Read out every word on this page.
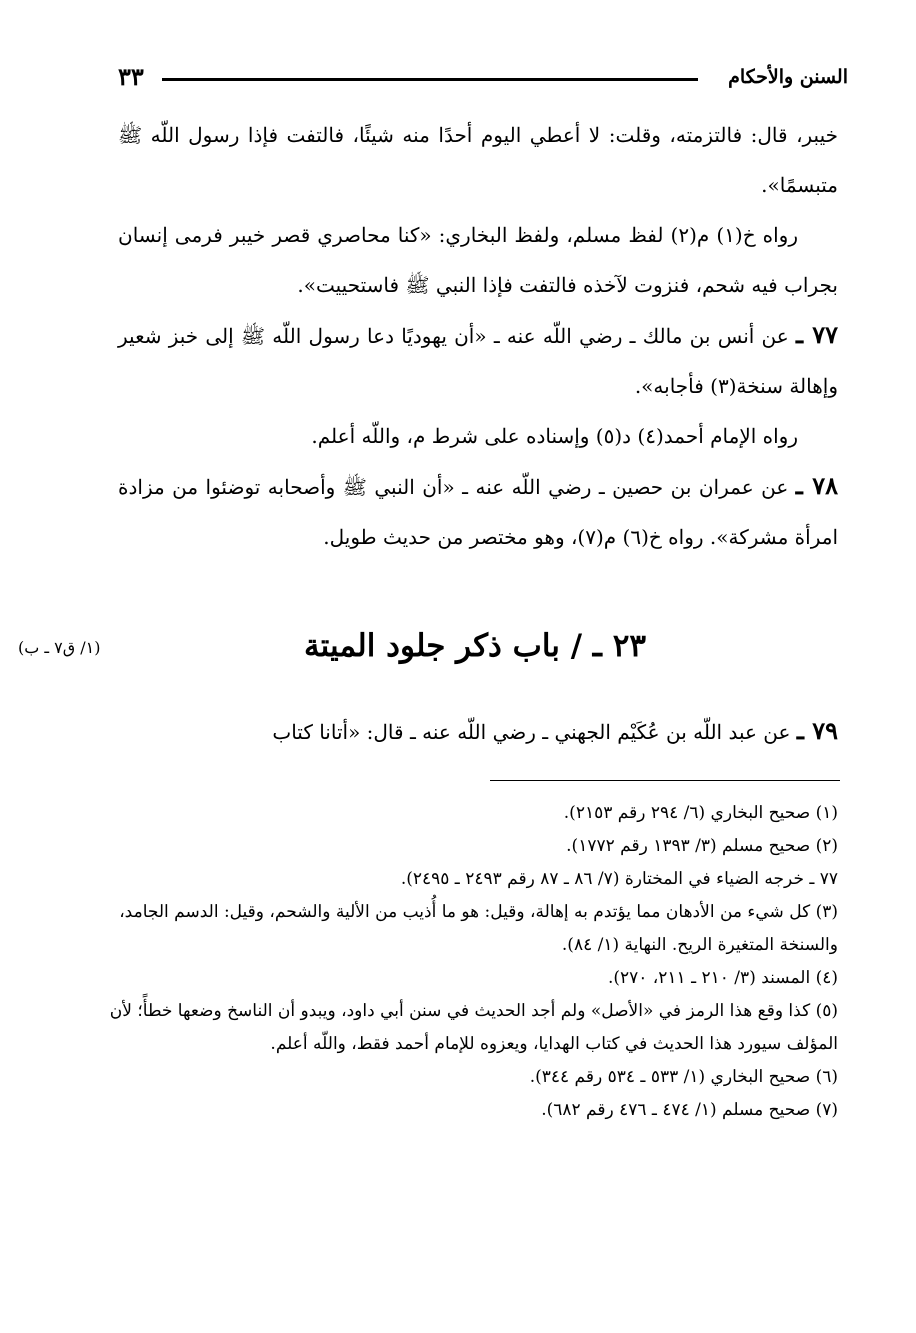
السنن والأحكام
٣٣

خيبر، قال: فالتزمته، وقلت: لا أعطي اليوم أحدًا منه شيئًا، فالتفت فإذا رسول اللّه ﷺ متبسمًا».

رواه خ(١) م(٢) لفظ مسلم، ولفظ البخاري: «كنا محاصري قصر خيبر فرمى إنسان بجراب فيه شحم، فنزوت لآخذه فالتفت فإذا النبي ﷺ فاستحييت».

٧٧ ـ عن أنس بن مالك ـ رضي اللّه عنه ـ «أن يهوديًا دعا رسول اللّه ﷺ إلى خبز شعير وإهالة سنخة(٣) فأجابه».

رواه الإمام أحمد(٤) د(٥) وإسناده على شرط م، واللّه أعلم.

٧٨ ـ عن عمران بن حصين ـ رضي اللّه عنه ـ «أن النبي ﷺ وأصحابه توضئوا من مزادة امرأة مشركة». رواه خ(٦) م(٧)، وهو مختصر من حديث طويل.

٢٣ ـ / باب ذكر جلود الميتة
(١/ ق٧ ـ ب)
٧٩ ـ عن عبد اللّه بن عُكَيْم الجهني ـ رضي اللّه عنه ـ قال: «أتانا كتاب
(١) صحيح البخاري (٦/ ٢٩٤ رقم ٢١٥٣).
(٢) صحيح مسلم (٣/ ١٣٩٣ رقم ١٧٧٢).
٧٧ ـ خرجه الضياء في المختارة (٧/ ٨٦ ـ ٨٧ رقم ٢٤٩٣ ـ ٢٤٩٥).
(٣) كل شيء من الأدهان مما يؤتدم به إهالة، وقيل: هو ما أُذيب من الألية والشحم، وقيل: الدسم الجامد، والسنخة المتغيرة الريح. النهاية (١/ ٨٤).
(٤) المسند (٣/ ٢١٠ ـ ٢١١، ٢٧٠).
(٥) كذا وقع هذا الرمز في «الأصل» ولم أجد الحديث في سنن أبي داود، ويبدو أن الناسخ وضعها خطأً؛ لأن المؤلف سيورد هذا الحديث في كتاب الهدايا، ويعزوه للإمام أحمد فقط، واللّه أعلم.
(٦) صحيح البخاري (١/ ٥٣٣ ـ ٥٣٤ رقم ٣٤٤).
(٧) صحيح مسلم (١/ ٤٧٤ ـ ٤٧٦ رقم ٦٨٢).
